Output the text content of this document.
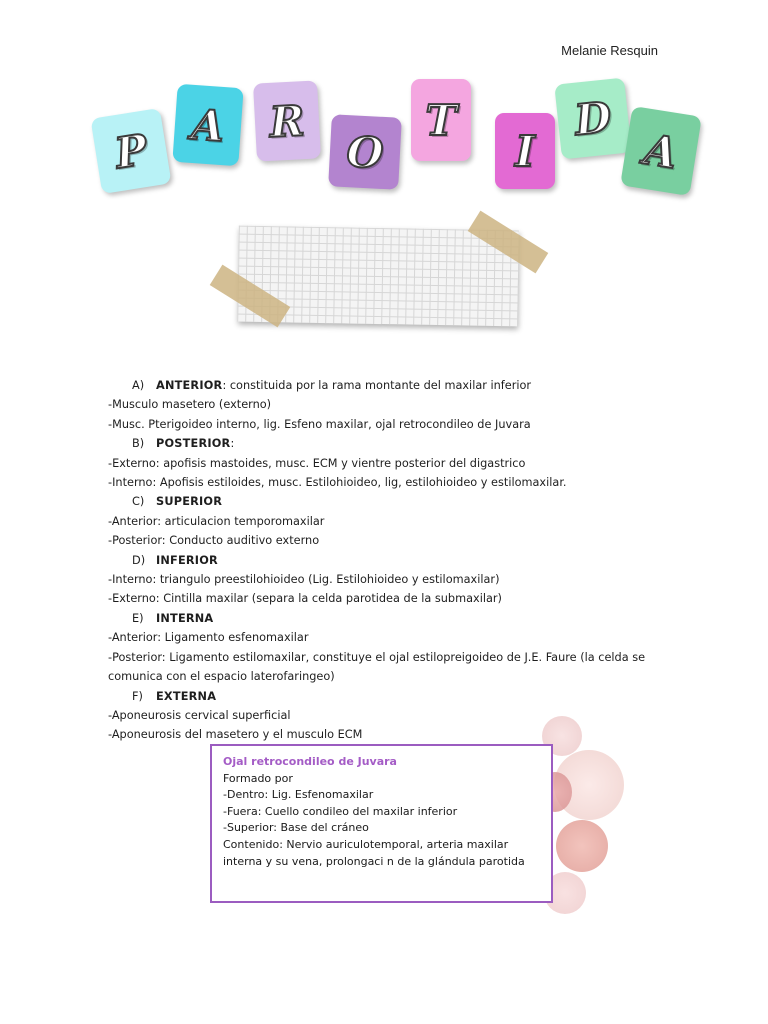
Melanie Resquin
P A R
O
T
I
D
A
A) ANTERIOR: constituida por la rama montante del maxilar inferior
-Musculo masetero (externo)
-Musc. Pterigoideo interno, lig. Esfeno maxilar, ojal retrocondileo de Juvara
B) POSTERIOR:
-Externo: apofisis mastoides, musc. ECM y vientre posterior del digastrico
-Interno: Apofisis estiloides, musc. Estilohioideo, lig, estilohioideo y estilomaxilar.
C) SUPERIOR
-Anterior: articulacion temporomaxilar
-Posterior: Conducto auditivo externo
D) INFERIOR
-Interno: triangulo preestilohioideo (Lig. Estilohioideo y estilomaxilar)
-Externo: Cintilla maxilar (separa la celda parotidea de la submaxilar)
E) INTERNA
-Anterior: Ligamento esfenomaxilar
-Posterior: Ligamento estilomaxilar, constituye el ojal estilopreigoideo de J.E. Faure (la celda se comunica con el espacio laterofaringeo)
F) EXTERNA
-Aponeurosis cervical superficial
-Aponeurosis del masetero y el musculo ECM
Ojal retrocondileo de Juvara
Formado por
-Dentro: Lig. Esfenomaxilar
-Fuera: Cuello condileo del maxilar inferior
-Superior: Base del cráneo
Contenido: Nervio auriculotemporal, arteria maxilar interna y su vena, prolongaci n de la glándula parotida
